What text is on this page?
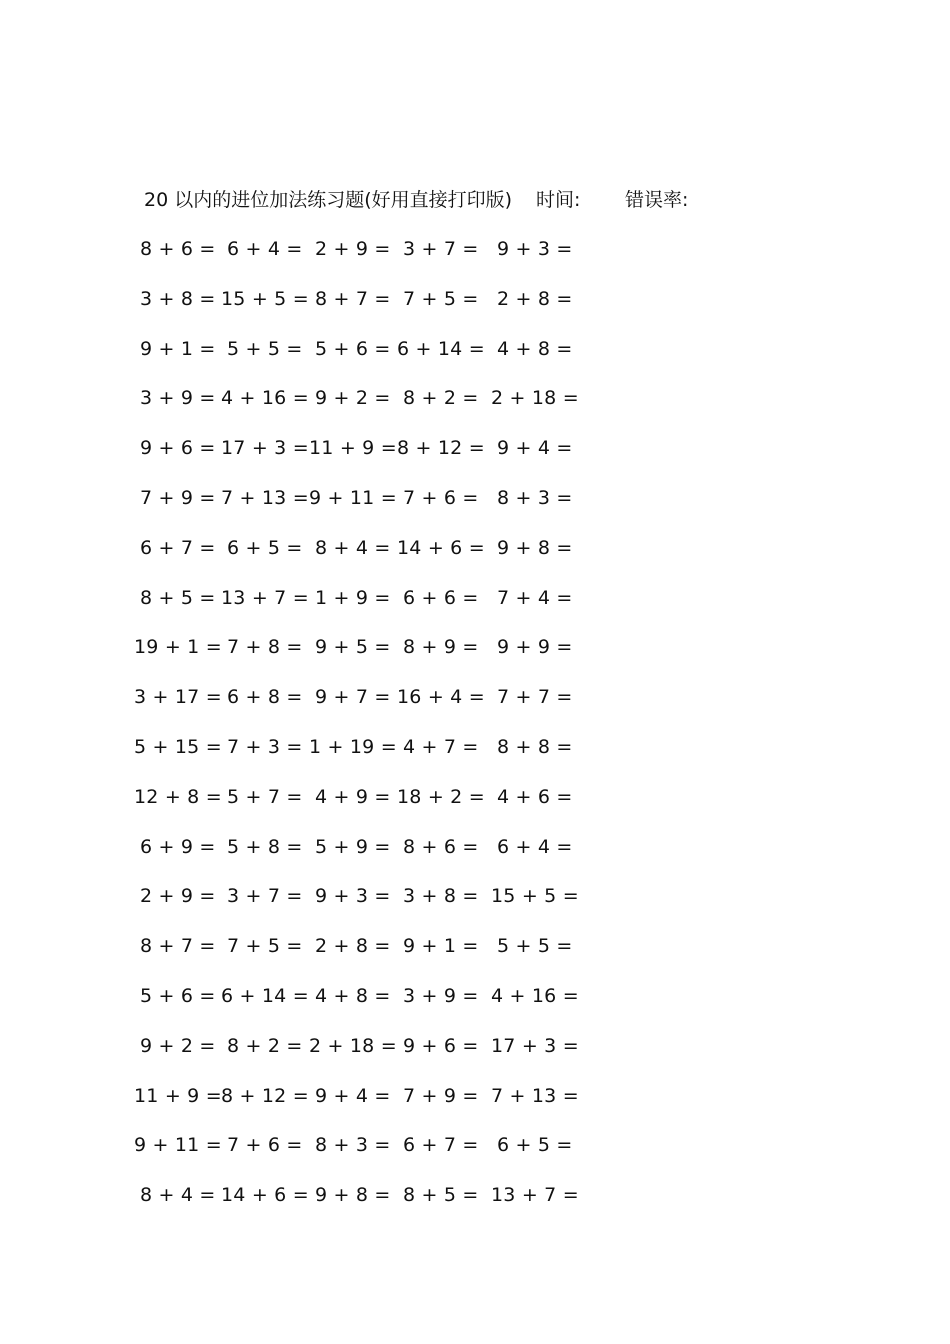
20 以内的进位加法练习题(好用直接打印版) 时间: 错误率:
8 + 6 = 6 + 4 = 2 + 9 = 3 + 7 = 9 + 3 =
3 + 8 = 15 + 5 = 8 + 7 = 7 + 5 = 2 + 8 =
9 + 1 = 5 + 5 = 5 + 6 = 6 + 14 = 4 + 8 =
3 + 9 = 4 + 16 = 9 + 2 = 8 + 2 = 2 + 18 =
9 + 6 = 17 + 3 = 11 + 9 = 8 + 12 = 9 + 4 =
7 + 9 = 7 + 13 = 9 + 11 = 7 + 6 = 8 + 3 =
6 + 7 = 6 + 5 = 8 + 4 = 14 + 6 = 9 + 8 =
8 + 5 = 13 + 7 = 1 + 9 = 6 + 6 = 7 + 4 =
19 + 1 = 7 + 8 = 9 + 5 = 8 + 9 = 9 + 9 =
3 + 17 = 6 + 8 = 9 + 7 = 16 + 4 = 7 + 7 =
5 + 15 = 7 + 3 = 1 + 19 = 4 + 7 = 8 + 8 =
12 + 8 = 5 + 7 = 4 + 9 = 18 + 2 = 4 + 6 =
6 + 9 = 5 + 8 = 5 + 9 = 8 + 6 = 6 + 4 =
2 + 9 = 3 + 7 = 9 + 3 = 3 + 8 = 15 + 5 =
8 + 7 = 7 + 5 = 2 + 8 = 9 + 1 = 5 + 5 =
5 + 6 = 6 + 14 = 4 + 8 = 3 + 9 = 4 + 16 =
9 + 2 = 8 + 2 = 2 + 18 = 9 + 6 = 17 + 3 =
11 + 9 = 8 + 12 = 9 + 4 = 7 + 9 = 7 + 13 =
9 + 11 = 7 + 6 = 8 + 3 = 6 + 7 = 6 + 5 =
8 + 4 = 14 + 6 = 9 + 8 = 8 + 5 = 13 + 7 =
